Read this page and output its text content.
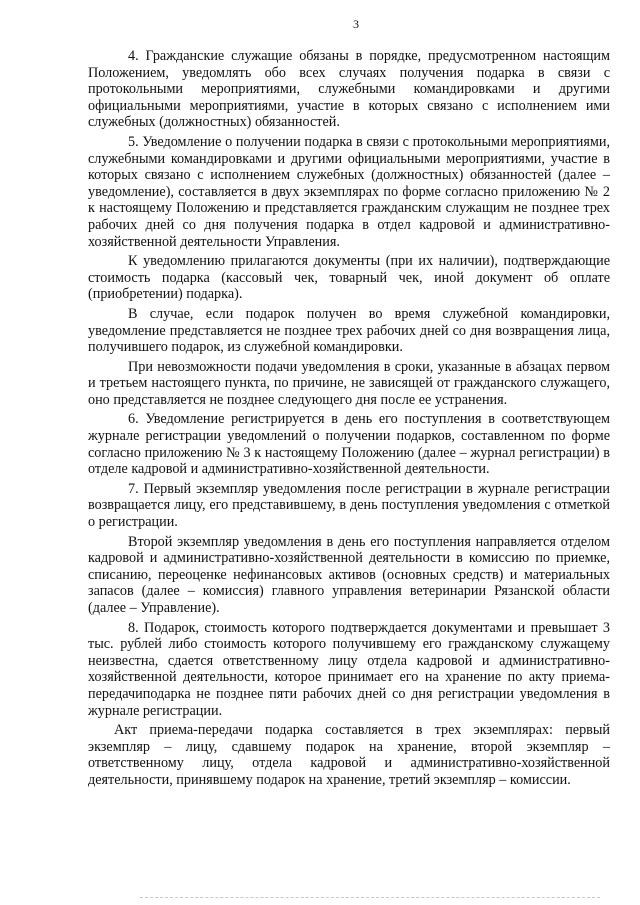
3

4. Гражданские служащие обязаны в порядке, предусмотренном настоящим Положением, уведомлять обо всех случаях получения подарка в связи с протокольными мероприятиями, служебными командировками и другими официальными мероприятиями, участие в которых связано с исполнением ими служебных (должностных) обязанностей.

5. Уведомление о получении подарка в связи с протокольными мероприятиями, служебными командировками и другими официальными мероприятиями, участие в которых связано с исполнением служебных (должностных) обязанностей (далее – уведомление), составляется в двух экземплярах по форме согласно приложению № 2 к настоящему Положению и представляется гражданским служащим не позднее трех рабочих дней со дня получения подарка в отдел кадровой и административно-хозяйственной деятельности Управления.

К уведомлению прилагаются документы (при их наличии), подтверждающие стоимость подарка (кассовый чек, товарный чек, иной документ об оплате (приобретении) подарка).

В случае, если подарок получен во время служебной командировки, уведомление представляется не позднее трех рабочих дней со дня возвращения лица, получившего подарок, из служебной командировки.

При невозможности подачи уведомления в сроки, указанные в абзацах первом и третьем настоящего пункта, по причине, не зависящей от гражданского служащего, оно представляется не позднее следующего дня после ее устранения.

6. Уведомление регистрируется в день его поступления в соответствующем журнале регистрации уведомлений о получении подарков, составленном по форме согласно приложению № 3 к настоящему Положению (далее – журнал регистрации) в отделе кадровой и административно-хозяйственной деятельности.

7. Первый экземпляр уведомления после регистрации в журнале регистрации возвращается лицу, его представившему, в день поступления уведомления с отметкой о регистрации.

Второй экземпляр уведомления в день его поступления направляется отделом кадровой и административно-хозяйственной деятельности в комиссию по приемке, списанию, переоценке нефинансовых активов (основных средств) и материальных запасов (далее – комиссия) главного управления ветеринарии Рязанской области (далее – Управление).

8. Подарок, стоимость которого подтверждается документами и превышает 3 тыс. рублей либо стоимость которого получившему его гражданскому служащему неизвестна, сдается ответственному лицу отдела кадровой и административно-хозяйственной деятельности, которое принимает его на хранение по акту приема-передачиподарка не позднее пяти рабочих дней со дня регистрации уведомления в журнале регистрации.

Акт приема-передачи подарка составляется в трех экземплярах: первый экземпляр – лицу, сдавшему подарок на хранение, второй экземпляр – ответственному лицу, отдела кадровой и административно-хозяйственной деятельности, принявшему подарок на хранение, третий экземпляр – комиссии.
